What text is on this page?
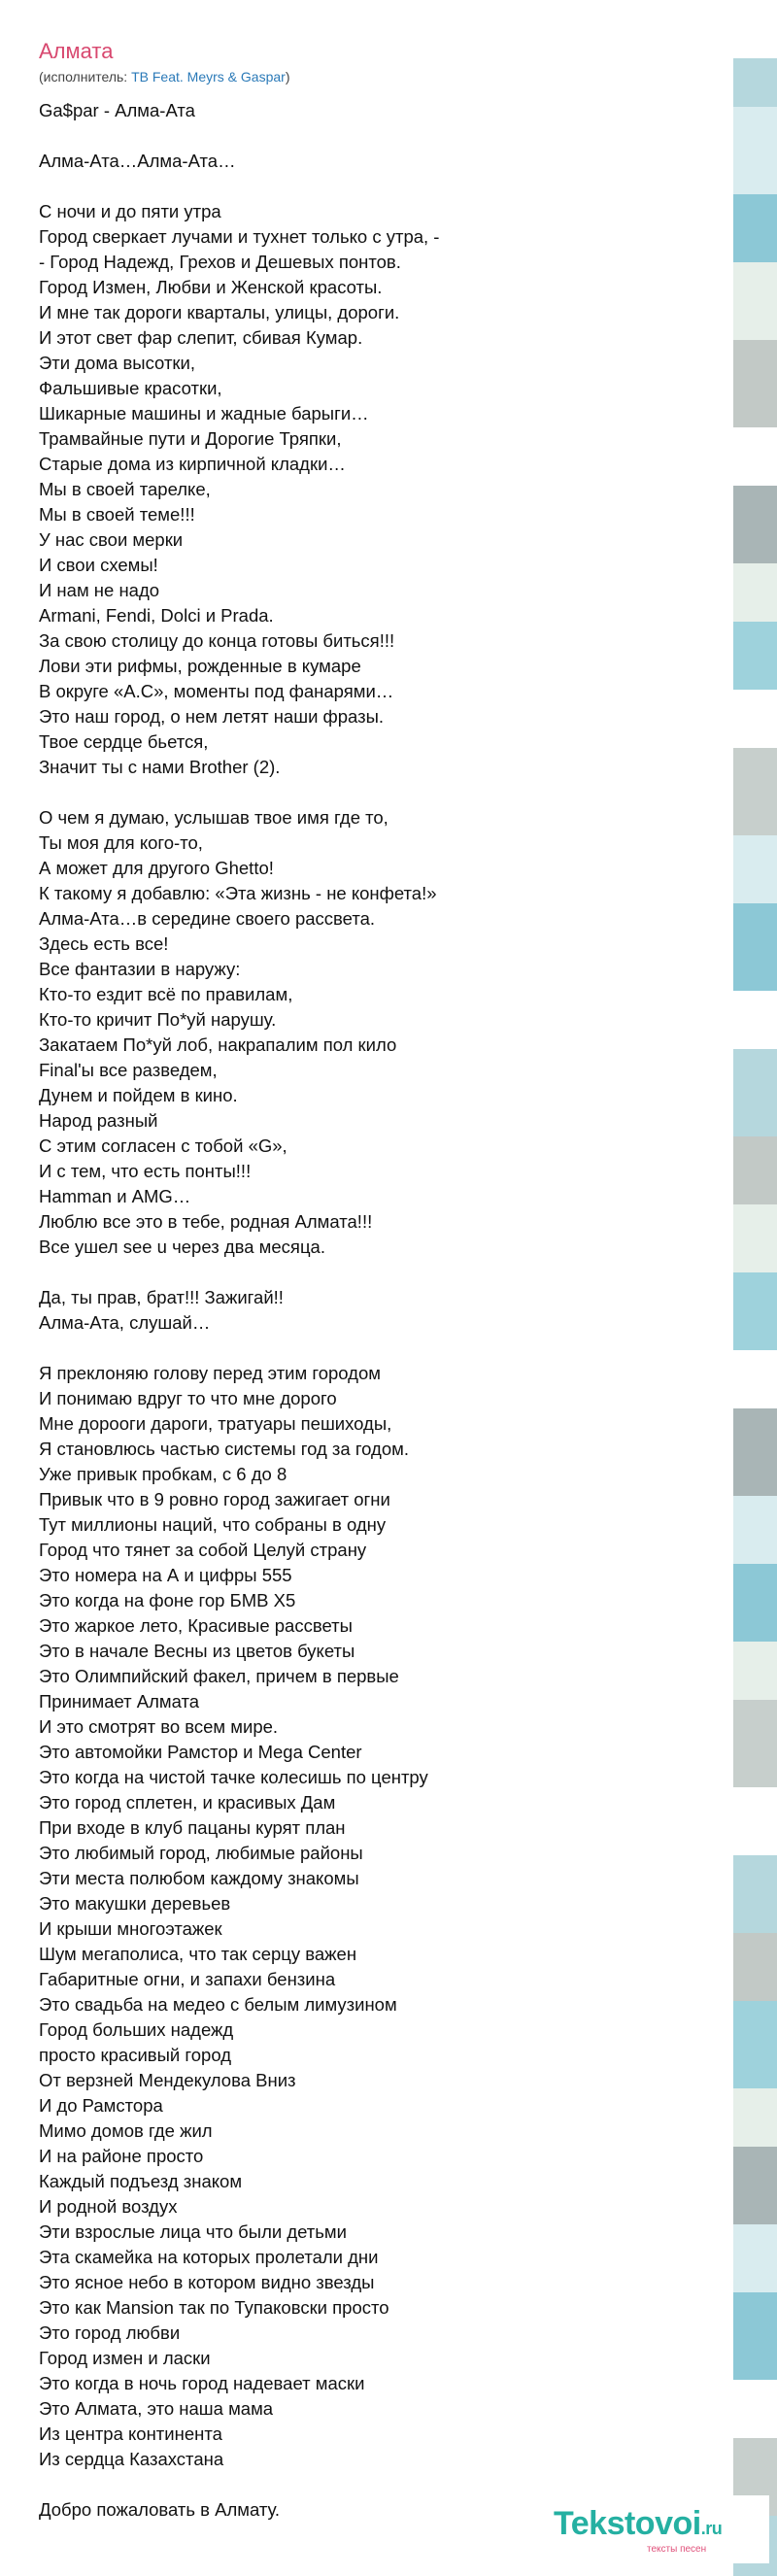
Алмата
(исполнитель: TB Feat. Meyrs & Gaspar)
Ga$par - Алма-Ата

Алма-Ата…Алма-Ата…

С ночи и до пяти утра
Город сверкает лучами и тухнет только с утра, -
- Город Надежд, Грехов и Дешевых понтов.
Город Измен, Любви и Женской красоты.
И мне так дороги кварталы, улицы, дороги.
И этот свет фар слепит, сбивая Кумар.
Эти дома высотки,
Фальшивые красотки,
Шикарные машины и жадные барыги…
Трамвайные пути и Дорогие Тряпки,
Старые дома из кирпичной кладки…
Мы в своей тарелке,
Мы в своей теме!!!
У нас свои мерки
И свои схемы!
И нам не надо
Armani, Fendi, Dolci и Prada.
За свою столицу до конца готовы биться!!!
Лови эти рифмы, рожденные в кумаре
В округе «A.C», моменты под фанарями…
Это наш город, о нем летят наши фразы.
Твое сердце бьется,
Значит ты с нами Brother (2).

О чем я думаю, услышав твое имя где то,
Ты моя для кого-то,
А может для другого Ghetto!
К такому я добавлю: «Эта жизнь - не конфета!»
Алма-Ата…в середине своего рассвета.
Здесь есть все!
Все фантазии в наружу:
Кто-то ездит всё по правилам,
Кто-то кричит По*уй нарушу.
Закатаем По*уй лоб, накрапалим пол кило
Final'ы все разведем,
Дунем и пойдем в кино.
Народ разный
С этим согласен с тобой «G»,
И с тем, что есть понты!!!
Hamman и AMG…
Люблю все это в тебе, родная Алмата!!!
Все ушел see u через два месяца.

Да, ты прав, брат!!! Зажигай!!
Алма-Ата, слушай…

Я преклоняю голову перед этим городом
И понимаю вдруг то что мне дорого
Мне доpоoги дароги, тратуары пешиходы,
Я становлюсь частью системы год за годом.
Уже привык пробкам, с 6 до 8
Привык что в 9 ровно город зажигает огни
Тут миллионы наций, что собраны в одну
Город что тянет за собой Целуй страну
Это номера на А и цифры 555
Это когда на фоне гор БМВ X5
Это жаркое лето, Красивые рассветы
Это в начале Весны из цветов букеты
Это Олимпийский факел, причем в первые
Принимает Алмата
И это смотрят во всем мире.
Это автомойки Рамстор и Mega Center
Это когда на чистой тачке колесишь по центру
Это город сплетен, и красивых Дам
При входе в клуб пацаны курят план
Это любимый город, любимые районы
Эти места полюбом каждому знакомы
Это макушки деревьев
И крыши многоэтажек
Шум мегаполиса, что так серцу важен
Габаритные огни, и запахи бензина
Это свадьба на медео с белым лимузином
Город больших надежд
просто красивый город
От верзней Мендекулова Вниз
И до Рамстора
Мимо домов где жил
И на районе просто
Каждый подъезд знаком
И родной воздух
Эти взрослые лица что были детьми
Эта скамейка на которых пролетали дни
Это ясное небо в котором видно звезды
Это как Mansion так по Тупаковски просто
Это город любви
Город измен и ласки
Это когда в ночь город надевает маски
Это Алмата, это наша мама
Из центра континента
Из сердца Казахстана

Добро пожаловать в Алмату.	Tekstovoi.ru
тексты песен
